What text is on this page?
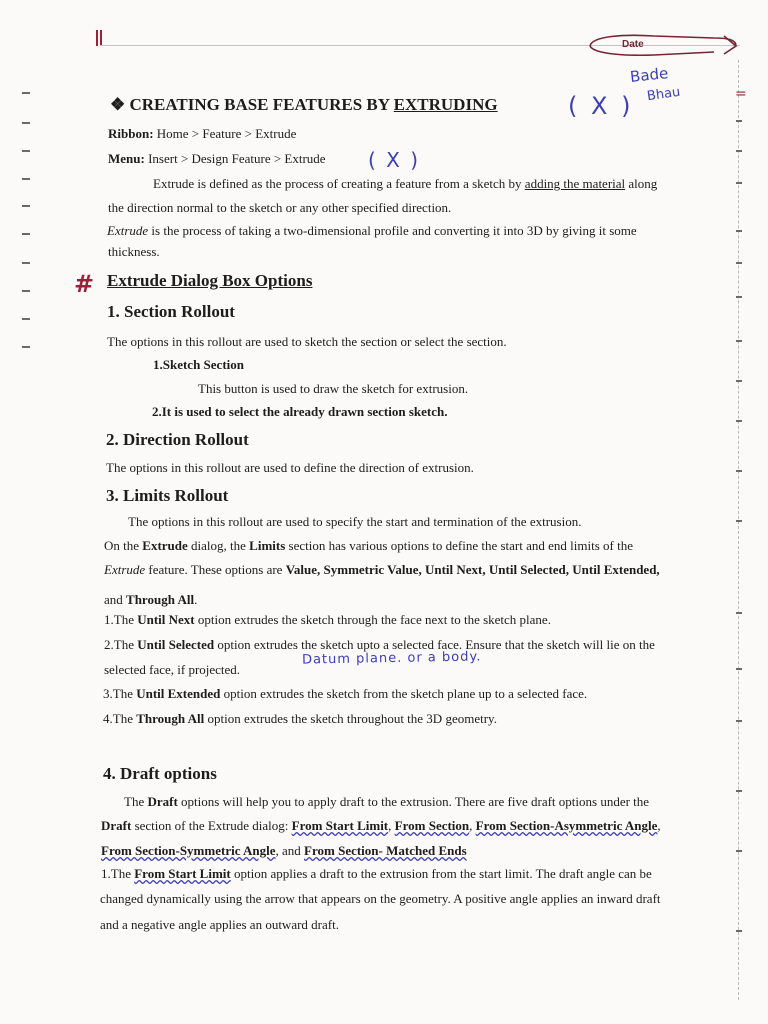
Date
Bade
Bhau
( X )
( X )
#
Datum plane. or a body.
❖ CREATING BASE FEATURES BY EXTRUDING
Ribbon: Home > Feature > Extrude
Menu: Insert > Design Feature > Extrude
Extrude is defined as the process of creating a feature from a sketch by adding the material along
the direction normal to the sketch or any other specified direction.
Extrude is the process of taking a two-dimensional profile and converting it into 3D by giving it some
thickness.
Extrude Dialog Box Options
1. Section Rollout
The options in this rollout are used to sketch the section or select the section.
1.Sketch Section
This button is used to draw the sketch for extrusion.
2.It is used to select the already drawn section sketch.
2. Direction Rollout
The options in this rollout are used to define the direction of extrusion.
3. Limits Rollout
The options in this rollout are used to specify the start and termination of the extrusion.
On the Extrude dialog, the Limits section has various options to define the start and end limits of the
Extrude feature. These options are Value, Symmetric Value, Until Next, Until Selected, Until Extended,
and Through All.
1.The Until Next option extrudes the sketch through the face next to the sketch plane.
2.The Until Selected option extrudes the sketch upto a selected face. Ensure that the sketch will lie on the
selected face, if projected.
3.The Until Extended option extrudes the sketch from the sketch plane up to a selected face.
4.The Through All option extrudes the sketch throughout the 3D geometry.
4. Draft options
The Draft options will help you to apply draft to the extrusion. There are five draft options under the
Draft section of the Extrude dialog: From Start Limit, From Section, From Section-Asymmetric Angle,
From Section-Symmetric Angle, and From Section- Matched Ends
1.The From Start Limit option applies a draft to the extrusion from the start limit. The draft angle can be
changed dynamically using the arrow that appears on the geometry. A positive angle applies an inward draft
and a negative angle applies an outward draft.
=
